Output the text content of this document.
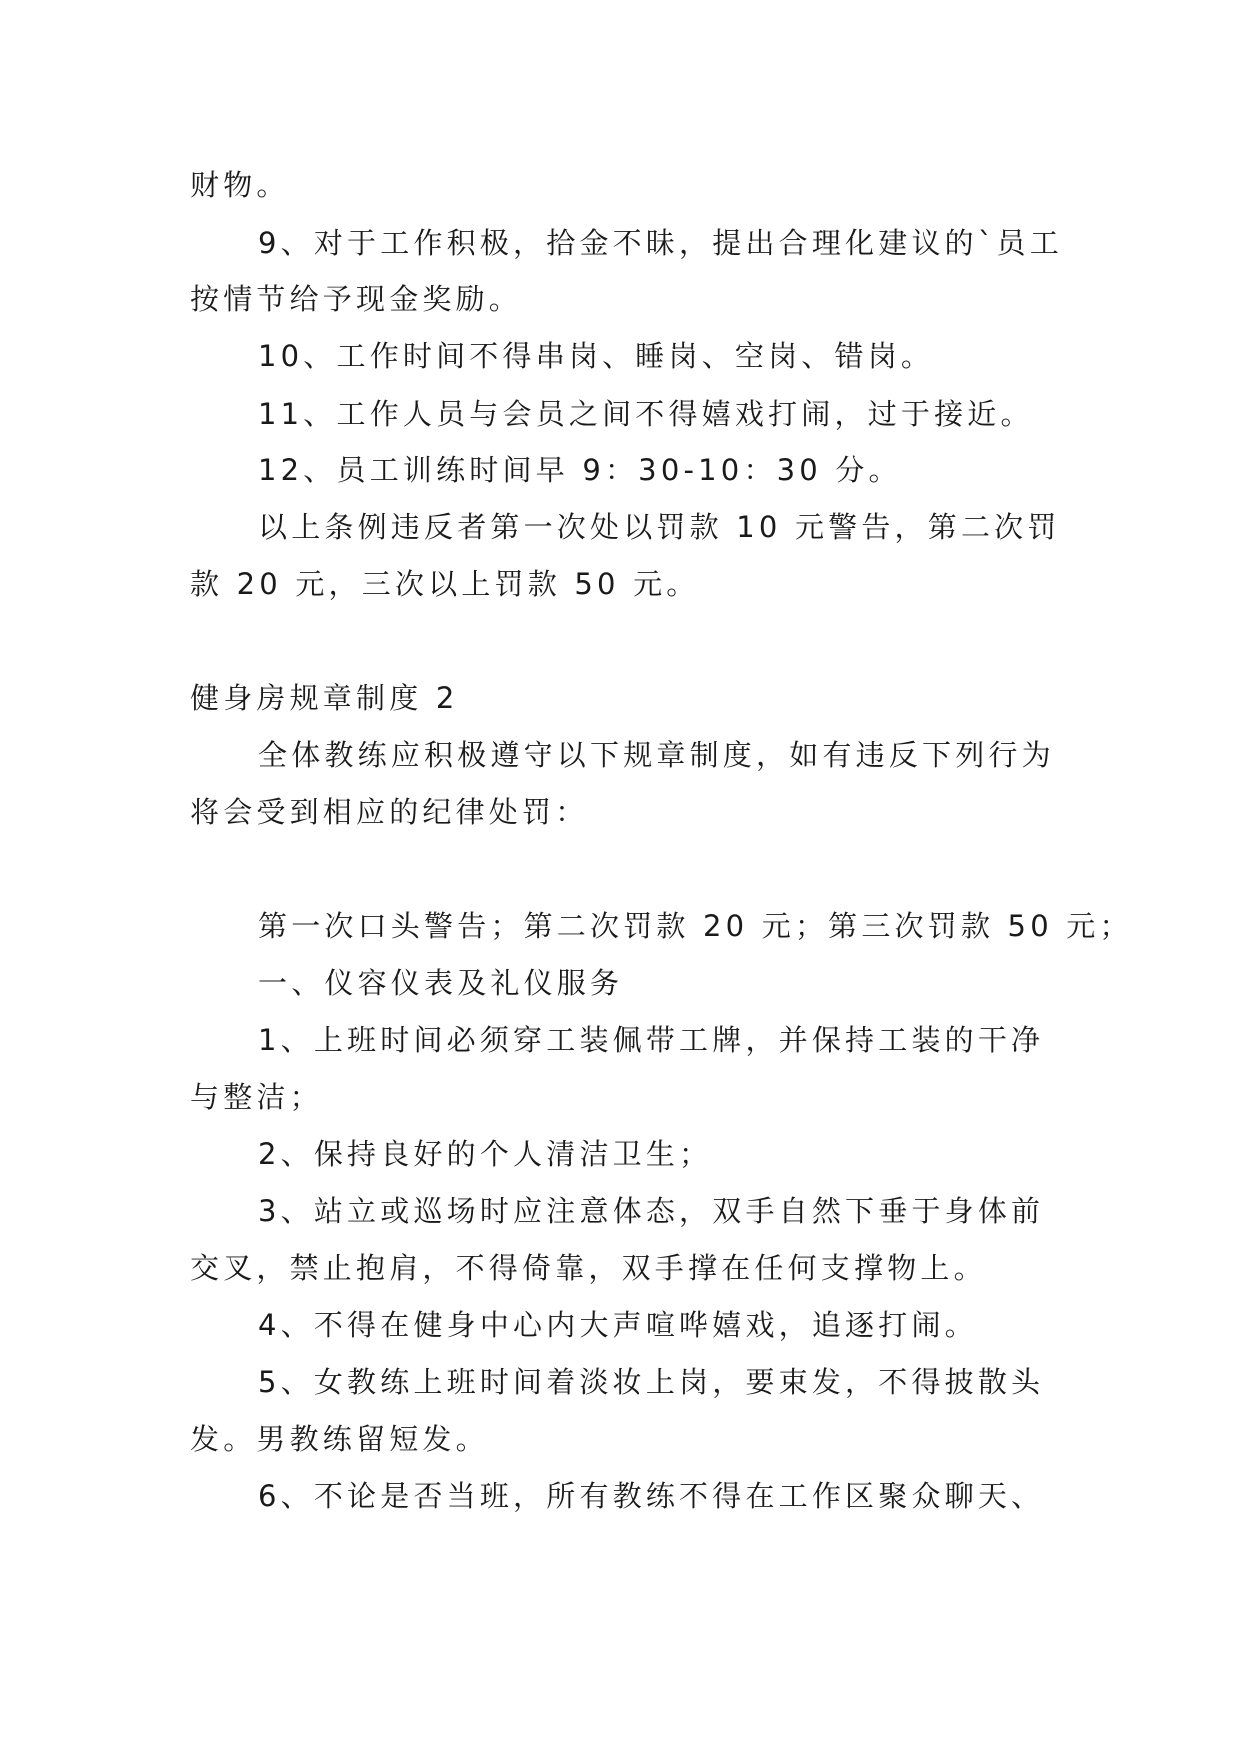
财物。

9、对于工作积极，拾金不昧，提出合理化建议的`员工

按情节给予现金奖励。

10、工作时间不得串岗、睡岗、空岗、错岗。

11、工作人员与会员之间不得嬉戏打闹，过于接近。

12、员工训练时间早 9：30-10：30 分。

以上条例违反者第一次处以罚款 10 元警告，第二次罚

款 20 元，三次以上罚款 50 元。

健身房规章制度 2

全体教练应积极遵守以下规章制度，如有违反下列行为

将会受到相应的纪律处罚：

第一次口头警告；第二次罚款 20 元；第三次罚款 50 元；

一、仪容仪表及礼仪服务

1、上班时间必须穿工装佩带工牌，并保持工装的干净

与整洁；

2、保持良好的个人清洁卫生；

3、站立或巡场时应注意体态，双手自然下垂于身体前

交叉，禁止抱肩，不得倚靠，双手撑在任何支撑物上。

4、不得在健身中心内大声喧哗嬉戏，追逐打闹。

5、女教练上班时间着淡妆上岗，要束发，不得披散头

发。男教练留短发。

6、不论是否当班，所有教练不得在工作区聚众聊天、
